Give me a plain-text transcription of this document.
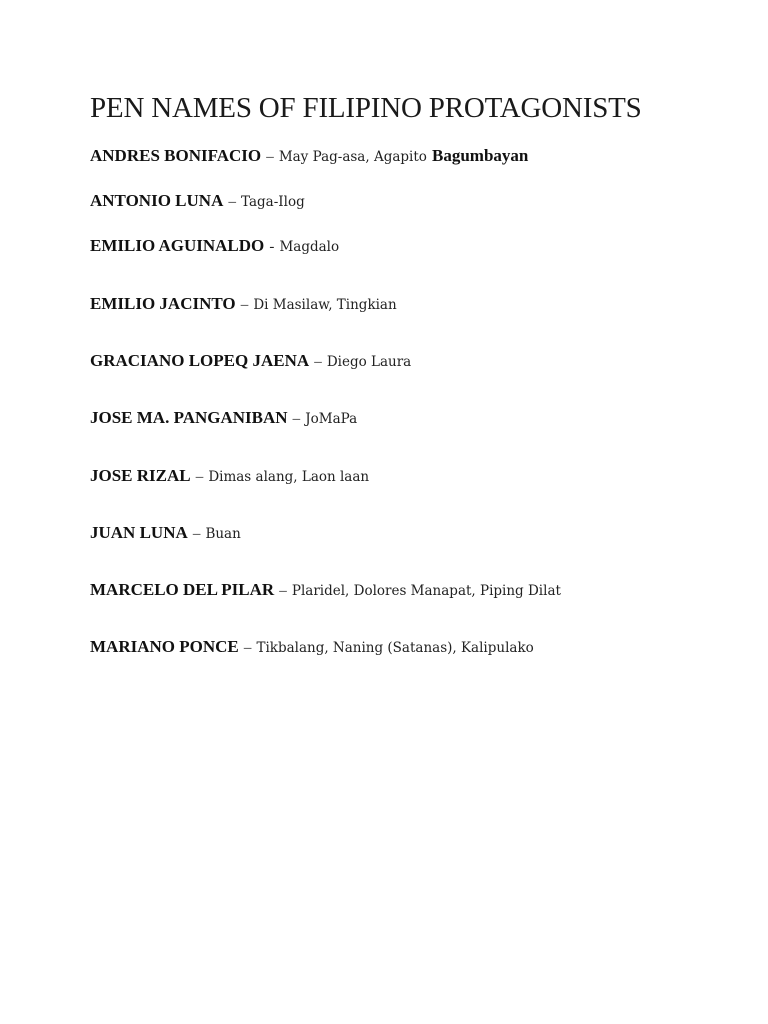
PEN NAMES OF FILIPINO PROTAGONISTS

ANDRES BONIFACIO – May Pag-asa, Agapito Bagumbayan

ANTONIO LUNA – Taga-Ilog

EMILIO AGUINALDO - Magdalo

EMILIO JACINTO – Di Masilaw, Tingkian

GRACIANO LOPEQ JAENA – Diego Laura

JOSE MA. PANGANIBAN – JoMaPa

JOSE RIZAL – Dimas alang, Laon laan

JUAN LUNA – Buan

MARCELO DEL PILAR – Plaridel, Dolores Manapat, Piping Dilat

MARIANO PONCE – Tikbalang, Naning (Satanas), Kalipulako
